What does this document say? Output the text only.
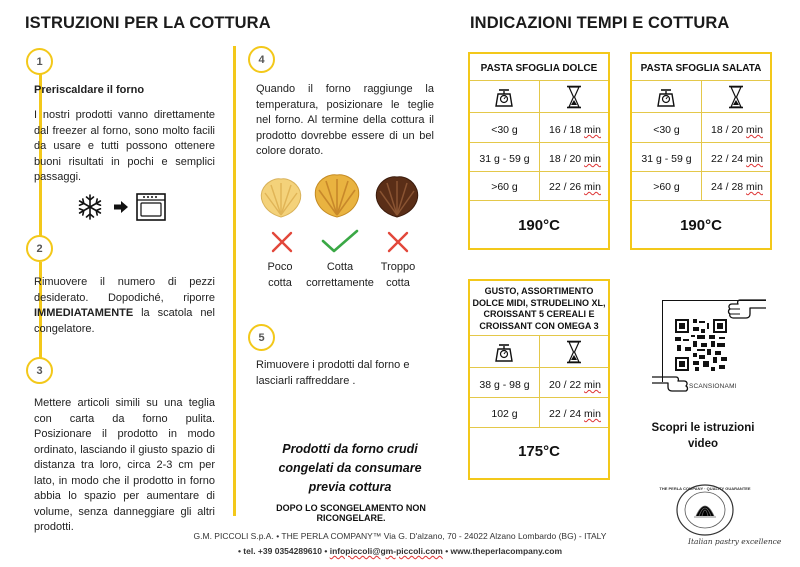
ISTRUZIONI PER LA COTTURA
1
Preriscaldare il forno
I nostri prodotti vanno direttamente dal freezer al forno, sono molto facili da usare e tutti possono ottenere buoni risultati in pochi e semplici passaggi.
2
Rimuovere il numero di pezzi desiderato. Dopodiché, riporre IMMEDIATAMENTE la scatola nel congelatore.
3
Mettere articoli simili su una teglia con carta da forno pulita. Posizionare il prodotto in modo ordinato, lasciando il giusto spazio di distanza tra loro, circa 2-3 cm per lato, in modo che il prodotto in forno abbia lo spazio per aumentare di volume, senza danneggiare gli altri prodotti.
4
Quando il forno raggiunge la temperatura, posizionare le teglie nel forno. Al termine della cottura il prodotto dovrebbe essere di un bel colore dorato.
Poco
cotta
Cotta
correttamente
Troppo
cotta
5
Rimuovere i prodotti dal forno e lasciarli raffreddare .
Prodotti da forno crudi
congelati da consumare
previa cottura
DOPO LO SCONGELAMENTO NON RICONGELARE.
INDICAZIONI TEMPI E COTTURA
PASTA SFOGLIA DOLCE
<30 g	16 / 18 min
31 g - 59 g	18 / 20 min
>60 g	22 / 26 min
190°C
PASTA SFOGLIA SALATA
<30 g	18 / 20 min
31 g - 59 g	22 / 24 min
>60 g	24 / 28 min
190°C
GUSTO, ASSORTIMENTO
DOLCE MIDI, STRUDELINO XL,
CROISSANT 5 CEREALI E
CROISSANT CON OMEGA 3
38 g - 98 g	20 / 22 min
102 g	22 / 24 min
175°C
SCANSIONAMI
Scopri le istruzioni
video
THE PERLA COMPANY · QUALITY GUARANTEE
Italian pastry excellence
G.M. PICCOLI S.p.A. • THE PERLA COMPANY™ Via G. D'alzano, 70 - 24022 Alzano Lombardo (BG) - ITALY
• tel. +39 0354289610 • infopiccoli@gm-piccoli.com • www.theperlacompany.com
